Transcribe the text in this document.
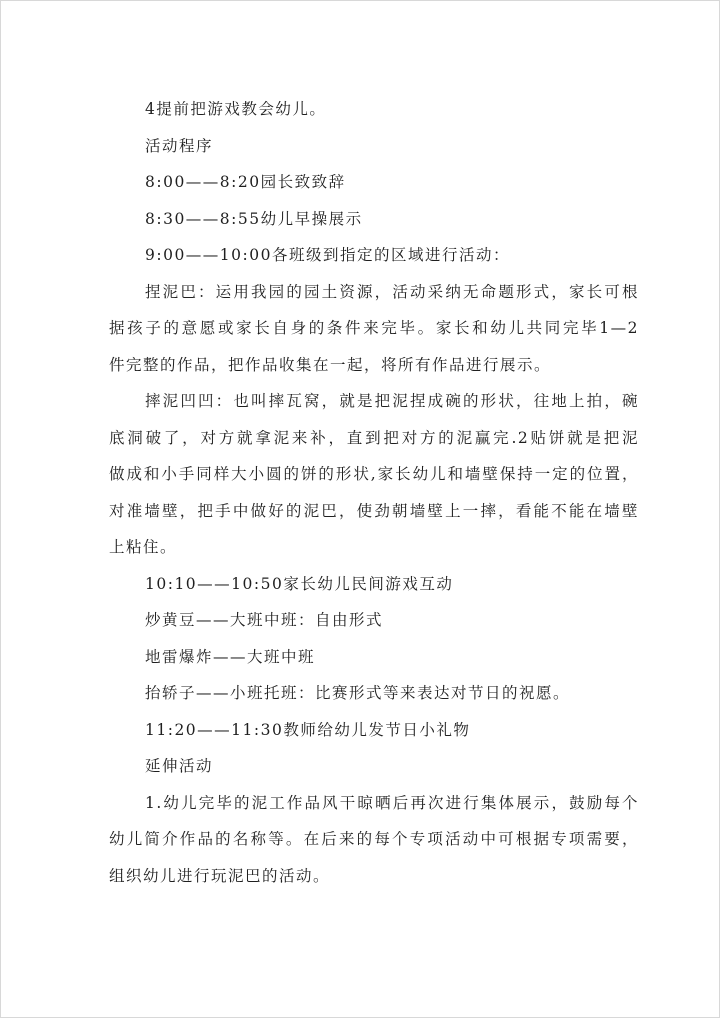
4提前把游戏教会幼儿。
活动程序
8:00——8:20园长致致辞
8:30——8:55幼儿早操展示
9:00——10:00各班级到指定的区域进行活动：
捏泥巴：运用我园的园土资源，活动采纳无命题形式，家长可根
据孩子的意愿或家长自身的条件来完毕。家长和幼儿共同完毕1—2
件完整的作品，把作品收集在一起，将所有作品进行展示。
摔泥凹凹：也叫摔瓦窝，就是把泥捏成碗的形状，往地上拍，碗
底洞破了，对方就拿泥来补，直到把对方的泥赢完.2贴饼就是把泥
做成和小手同样大小圆的饼的形状,家长幼儿和墙壁保持一定的位置，
对准墙壁，把手中做好的泥巴，使劲朝墙壁上一摔，看能不能在墙壁
上粘住。
10:10——10:50家长幼儿民间游戏互动
炒黄豆——大班中班：自由形式
地雷爆炸——大班中班
抬轿子——小班托班：比赛形式等来表达对节日的祝愿。
11:20——11:30教师给幼儿发节日小礼物
延伸活动
1.幼儿完毕的泥工作品风干晾晒后再次进行集体展示，鼓励每个
幼儿简介作品的名称等。在后来的每个专项活动中可根据专项需要，
组织幼儿进行玩泥巴的活动。
